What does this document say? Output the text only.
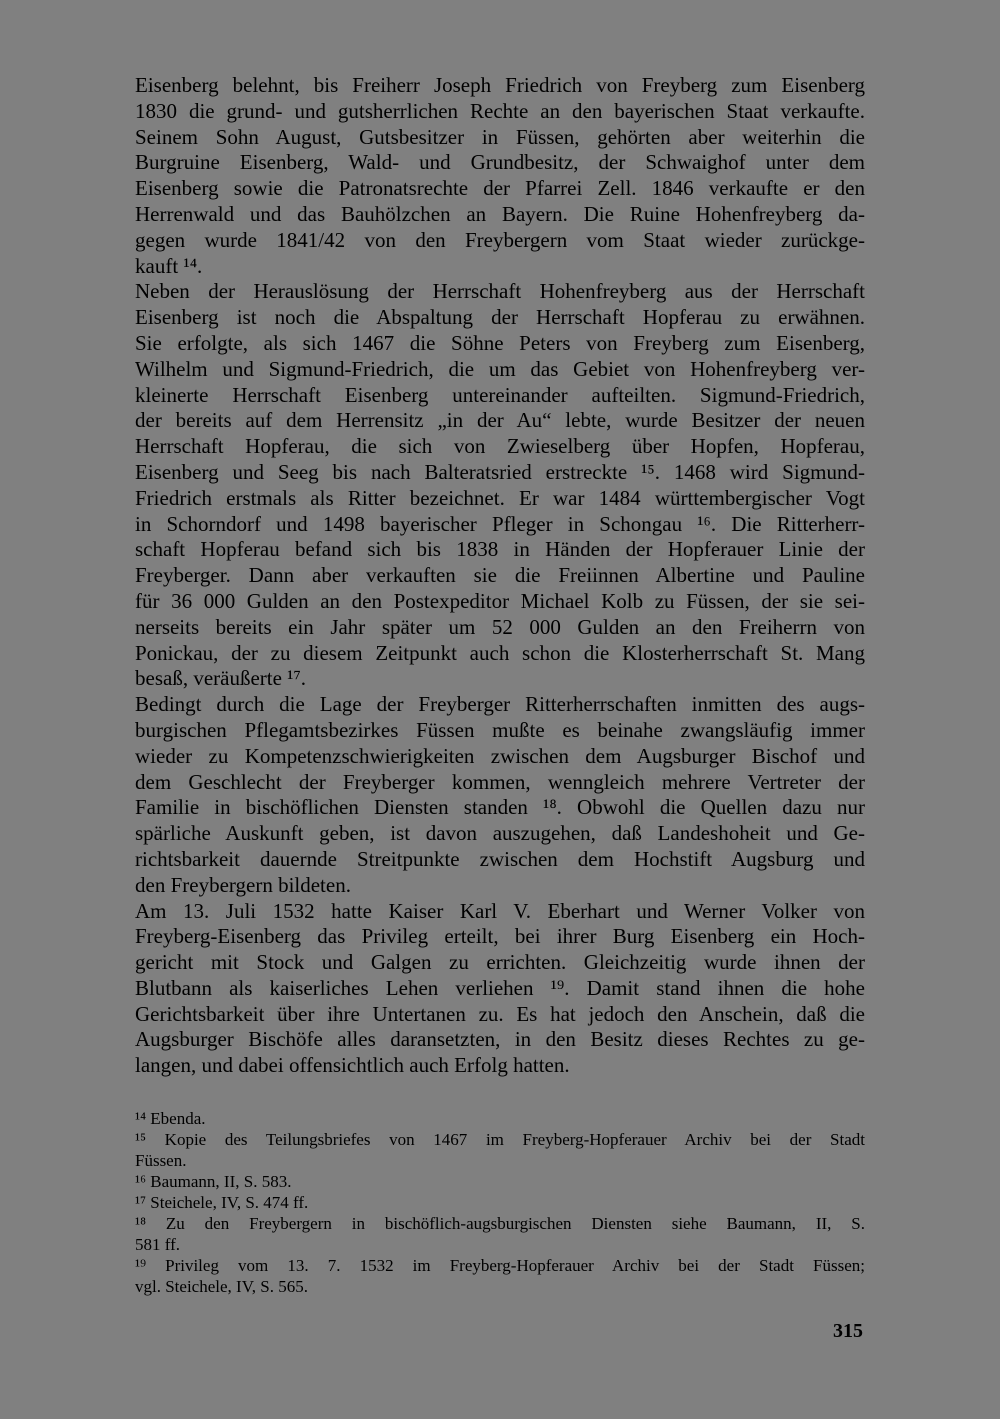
Eisenberg belehnt, bis Freiherr Joseph Friedrich von Freyberg zum Eisenberg
1830 die grund- und gutsherrlichen Rechte an den bayerischen Staat verkaufte.
Seinem Sohn August, Gutsbesitzer in Füssen, gehörten aber weiterhin die
Burgruine Eisenberg, Wald- und Grundbesitz, der Schwaighof unter dem
Eisenberg sowie die Patronatsrechte der Pfarrei Zell. 1846 verkaufte er den
Herrenwald und das Bauhölzchen an Bayern. Die Ruine Hohenfreyberg da-
gegen wurde 1841/42 von den Freybergern vom Staat wieder zurückge-
kauft ¹⁴.
Neben der Herauslösung der Herrschaft Hohenfreyberg aus der Herrschaft
Eisenberg ist noch die Abspaltung der Herrschaft Hopferau zu erwähnen.
Sie erfolgte, als sich 1467 die Söhne Peters von Freyberg zum Eisenberg,
Wilhelm und Sigmund-Friedrich, die um das Gebiet von Hohenfreyberg ver-
kleinerte Herrschaft Eisenberg untereinander aufteilten. Sigmund-Friedrich,
der bereits auf dem Herrensitz „in der Au“ lebte, wurde Besitzer der neuen
Herrschaft Hopferau, die sich von Zwieselberg über Hopfen, Hopferau,
Eisenberg und Seeg bis nach Balteratsried erstreckte ¹⁵. 1468 wird Sigmund-
Friedrich erstmals als Ritter bezeichnet. Er war 1484 württembergischer Vogt
in Schorndorf und 1498 bayerischer Pfleger in Schongau ¹⁶. Die Ritterherr-
schaft Hopferau befand sich bis 1838 in Händen der Hopferauer Linie der
Freyberger. Dann aber verkauften sie die Freiinnen Albertine und Pauline
für 36 000 Gulden an den Postexpeditor Michael Kolb zu Füssen, der sie sei-
nerseits bereits ein Jahr später um 52 000 Gulden an den Freiherrn von
Ponickau, der zu diesem Zeitpunkt auch schon die Klosterherrschaft St. Mang
besaß, veräußerte ¹⁷.
Bedingt durch die Lage der Freyberger Ritterherrschaften inmitten des augs-
burgischen Pflegamtsbezirkes Füssen mußte es beinahe zwangsläufig immer
wieder zu Kompetenzschwierigkeiten zwischen dem Augsburger Bischof und
dem Geschlecht der Freyberger kommen, wenngleich mehrere Vertreter der
Familie in bischöflichen Diensten standen ¹⁸. Obwohl die Quellen dazu nur
spärliche Auskunft geben, ist davon auszugehen, daß Landeshoheit und Ge-
richtsbarkeit dauernde Streitpunkte zwischen dem Hochstift Augsburg und
den Freybergern bildeten.
Am 13. Juli 1532 hatte Kaiser Karl V. Eberhart und Werner Volker von
Freyberg-Eisenberg das Privileg erteilt, bei ihrer Burg Eisenberg ein Hoch-
gericht mit Stock und Galgen zu errichten. Gleichzeitig wurde ihnen der
Blutbann als kaiserliches Lehen verliehen ¹⁹. Damit stand ihnen die hohe
Gerichtsbarkeit über ihre Untertanen zu. Es hat jedoch den Anschein, daß die
Augsburger Bischöfe alles daransetzten, in den Besitz dieses Rechtes zu ge-
langen, und dabei offensichtlich auch Erfolg hatten.
¹⁴ Ebenda.
¹⁵ Kopie des Teilungsbriefes von 1467 im Freyberg-Hopferauer Archiv bei der Stadt
Füssen.
¹⁶ Baumann, II, S. 583.
¹⁷ Steichele, IV, S. 474 ff.
¹⁸ Zu den Freybergern in bischöflich-augsburgischen Diensten siehe Baumann, II, S.
581 ff.
¹⁹ Privileg vom 13. 7. 1532 im Freyberg-Hopferauer Archiv bei der Stadt Füssen;
vgl. Steichele, IV, S. 565.
315
